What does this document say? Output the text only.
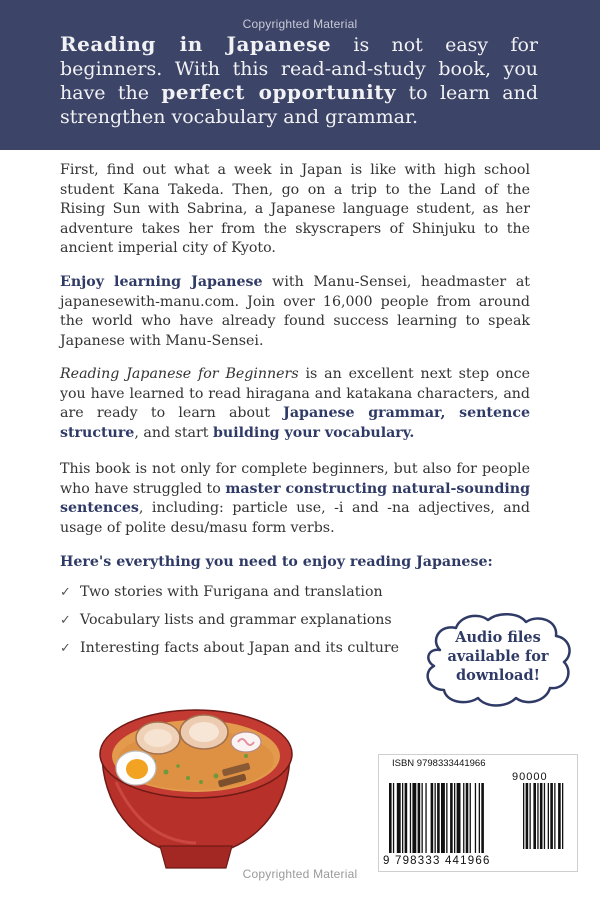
Reading in Japanese is not easy for beginners. With this read-and-study book, you have the perfect opportunity to learn and strengthen vocabulary and grammar.
Copyrighted Material
First, find out what a week in Japan is like with high school student Kana Takeda. Then, go on a trip to the Land of the Rising Sun with Sabrina, a Japanese language student, as her adventure takes her from the skyscrapers of Shinjuku to the ancient imperial city of Kyoto.
Enjoy learning Japanese with Manu-Sensei, headmaster at japanesewith-manu.com. Join over 16,000 people from around the world who have already found success learning to speak Japanese with Manu-Sensei.
Reading Japanese for Beginners is an excellent next step once you have learned to read hiragana and katakana characters, and are ready to learn about Japanese grammar, sentence structure, and start building your vocabulary.
This book is not only for complete beginners, but also for people who have struggled to master constructing natural-sounding sentences, including: particle use, -i and -na adjectives, and usage of polite desu/masu form verbs.
Here's everything you need to enjoy reading Japanese:
✓ Two stories with Furigana and translation
✓ Vocabulary lists and grammar explanations
✓ Interesting facts about Japan and its culture
Audio files
available for
download!
ISBN 9798333441966
90000
9 798333 441966
Copyrighted Material
